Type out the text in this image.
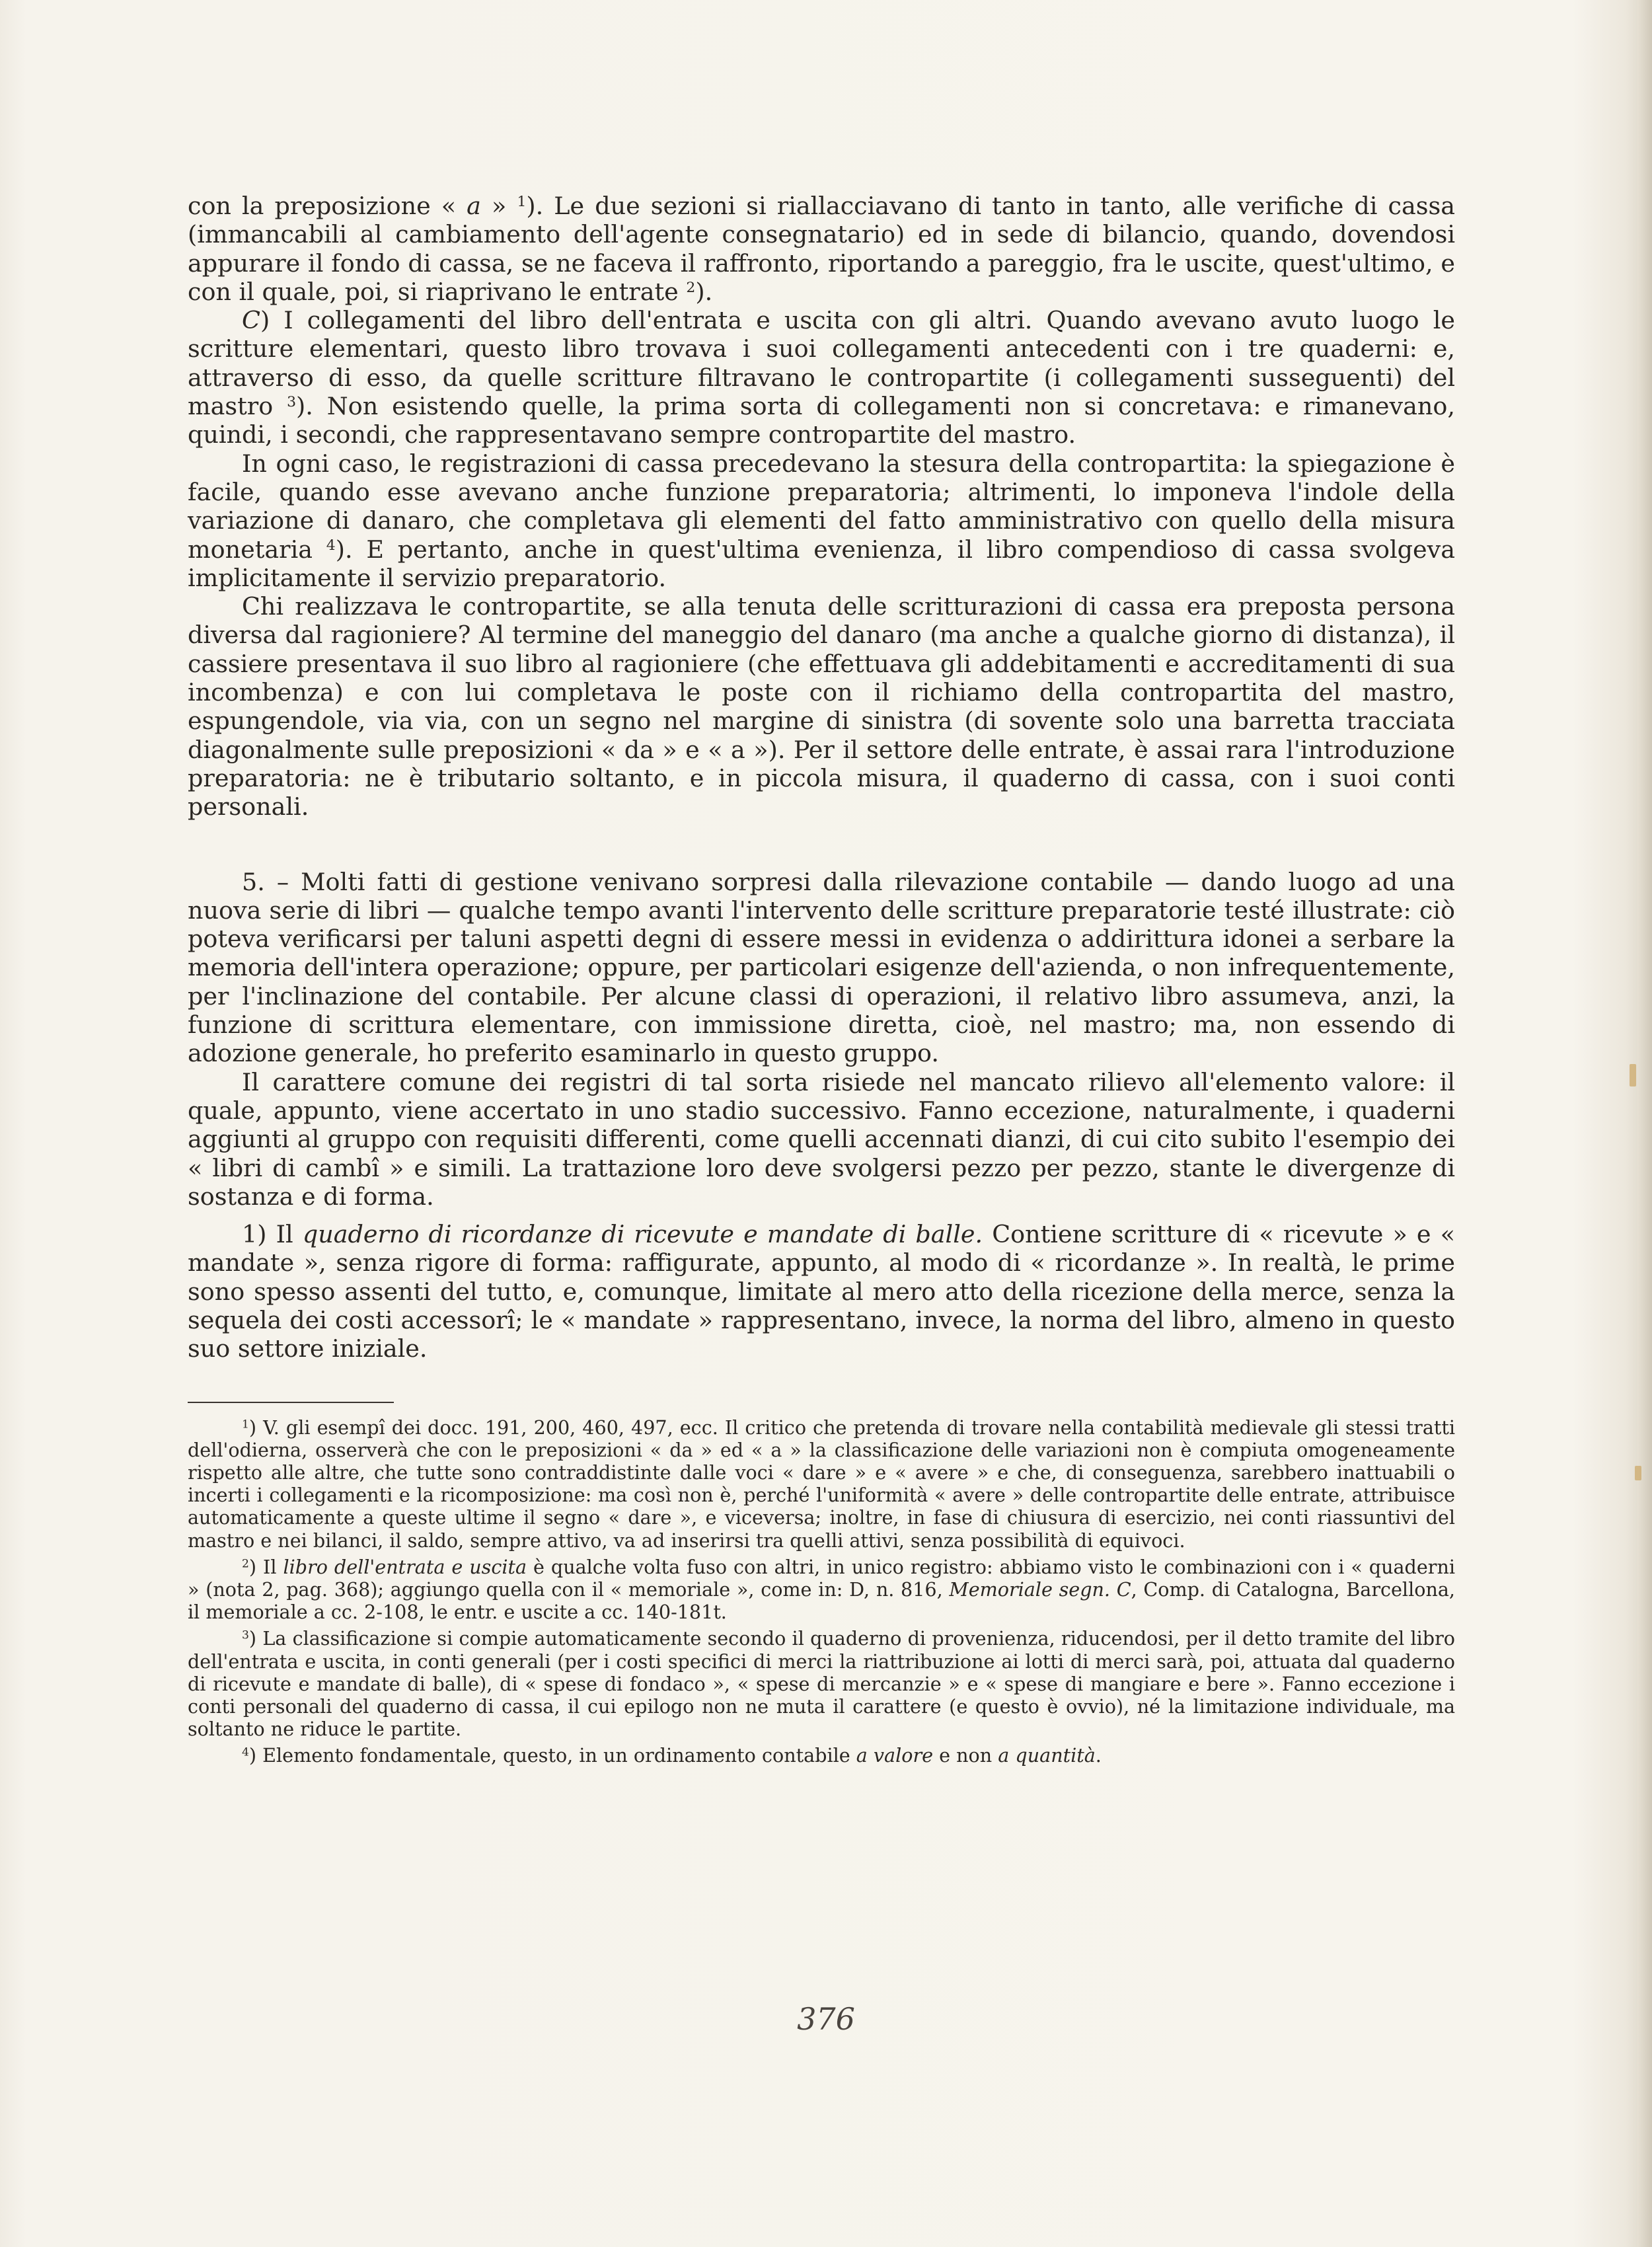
con la preposizione « a » $^1$). Le due sezioni si riallacciavano di tanto in tanto, alle verifiche di cassa (immancabili al cambiamento dell'agente consegnatario) ed in sede di bilancio, quando, dovendosi appurare il fondo di cassa, se ne faceva il raffronto, riportando a pareggio, fra le uscite, quest'ultimo, e con il quale, poi, si riaprivano le entrate $^2$).

C) I collegamenti del libro dell'entrata e uscita con gli altri. Quando avevano avuto luogo le scritture elementari, questo libro trovava i suoi collegamenti antecedenti con i tre quaderni: e, attraverso di esso, da quelle scritture filtravano le contropartite (i collegamenti susseguenti) del mastro $^3$). Non esistendo quelle, la prima sorta di collegamenti non si concretava: e rimanevano, quindi, i secondi, che rappresentavano sempre contropartite del mastro.

In ogni caso, le registrazioni di cassa precedevano la stesura della contropartita: la spiegazione è facile, quando esse avevano anche funzione preparatoria; altrimenti, lo imponeva l'indole della variazione di danaro, che completava gli elementi del fatto amministrativo con quello della misura monetaria $^4$). E pertanto, anche in quest'ultima evenienza, il libro compendioso di cassa svolgeva implicitamente il servizio preparatorio.

Chi realizzava le contropartite, se alla tenuta delle scritturazioni di cassa era preposta persona diversa dal ragioniere? Al termine del maneggio del danaro (ma anche a qualche giorno di distanza), il cassiere presentava il suo libro al ragioniere (che effettuava gli addebitamenti e accreditamenti di sua incombenza) e con lui completava le poste con il richiamo della contropartita del mastro, espungendole, via via, con un segno nel margine di sinistra (di sovente solo una barretta tracciata diagonalmente sulle preposizioni « da » e « a »). Per il settore delle entrate, è assai rara l'introduzione preparatoria: ne è tributario soltanto, e in piccola misura, il quaderno di cassa, con i suoi conti personali.

5. – Molti fatti di gestione venivano sorpresi dalla rilevazione contabile — dando luogo ad una nuova serie di libri — qualche tempo avanti l'intervento delle scritture preparatorie testé illustrate: ciò poteva verificarsi per taluni aspetti degni di essere messi in evidenza o addirittura idonei a serbare la memoria dell'intera operazione; oppure, per particolari esigenze dell'azienda, o non infrequentemente, per l'inclinazione del contabile. Per alcune classi di operazioni, il relativo libro assumeva, anzi, la funzione di scrittura elementare, con immissione diretta, cioè, nel mastro; ma, non essendo di adozione generale, ho preferito esaminarlo in questo gruppo.

Il carattere comune dei registri di tal sorta risiede nel mancato rilievo all'elemento valore: il quale, appunto, viene accertato in uno stadio successivo. Fanno eccezione, naturalmente, i quaderni aggiunti al gruppo con requisiti differenti, come quelli accennati dianzi, di cui cito subito l'esempio dei « libri di cambî » e simili. La trattazione loro deve svolgersi pezzo per pezzo, stante le divergenze di sostanza e di forma.

1) Il quaderno di ricordanze di ricevute e mandate di balle. Contiene scritture di « ricevute » e « mandate », senza rigore di forma: raffigurate, appunto, al modo di « ricordanze ». In realtà, le prime sono spesso assenti del tutto, e, comunque, limitate al mero atto della ricezione della merce, senza la sequela dei costi accessorî; le « mandate » rappresentano, invece, la norma del libro, almeno in questo suo settore iniziale.

$^1$) V. gli esempî dei docc. 191, 200, 460, 497, ecc. Il critico che pretenda di trovare nella contabilità medievale gli stessi tratti dell'odierna, osserverà che con le preposizioni « da » ed « a » la classificazione delle variazioni non è compiuta omogeneamente rispetto alle altre, che tutte sono contraddistinte dalle voci « dare » e « avere » e che, di conseguenza, sarebbero inattuabili o incerti i collegamenti e la ricomposizione: ma così non è, perché l'uniformità « avere » delle contropartite delle entrate, attribuisce automaticamente a queste ultime il segno « dare », e viceversa; inoltre, in fase di chiusura di esercizio, nei conti riassuntivi del mastro e nei bilanci, il saldo, sempre attivo, va ad inserirsi tra quelli attivi, senza possibilità di equivoci.

$^2$) Il libro dell'entrata e uscita è qualche volta fuso con altri, in unico registro: abbiamo visto le combinazioni con i « quaderni » (nota 2, pag. 368); aggiungo quella con il « memoriale », come in: D, n. 816, Memoriale segn. C, Comp. di Catalogna, Barcellona, il memoriale a cc. 2-108, le entr. e uscite a cc. 140-181t.

$^3$) La classificazione si compie automaticamente secondo il quaderno di provenienza, riducendosi, per il detto tramite del libro dell'entrata e uscita, in conti generali (per i costi specifici di merci la riattribuzione ai lotti di merci sarà, poi, attuata dal quaderno di ricevute e mandate di balle), di « spese di fondaco », « spese di mercanzie » e « spese di mangiare e bere ». Fanno eccezione i conti personali del quaderno di cassa, il cui epilogo non ne muta il carattere (e questo è ovvio), né la limitazione individuale, ma soltanto ne riduce le partite.

$^4$) Elemento fondamentale, questo, in un ordinamento contabile a valore e non a quantità.

376
